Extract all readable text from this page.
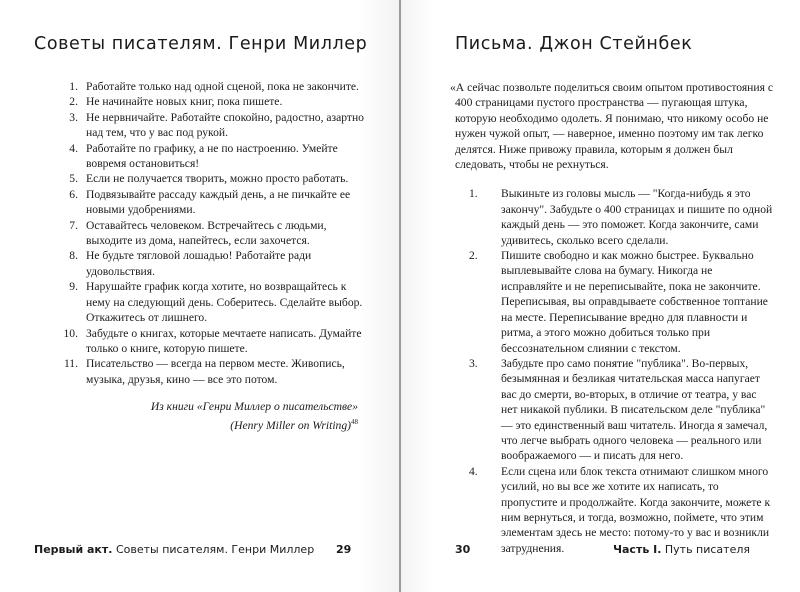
Советы писателям. Генри Миллер
1. Работайте только над одной сценой, пока не закончите.
2. Не начинайте новых книг, пока пишете.
3. Не нервничайте. Работайте спокойно, радостно, азартно над тем, что у вас под рукой.
4. Работайте по графику, а не по настроению. Умейте вовремя остановиться!
5. Если не получается творить, можно просто работать.
6. Подвязывайте рассаду каждый день, а не пичкайте ее новыми удобрениями.
7. Оставайтесь человеком. Встречайтесь с людьми, выходите из дома, напейтесь, если захочется.
8. Не будьте тягловой лошадью! Работайте ради удовольствия.
9. Нарушайте график когда хотите, но возвращайтесь к нему на следующий день. Соберитесь. Сделайте выбор. Откажитесь от лишнего.
10. Забудьте о книгах, которые мечтаете написать. Думайте только о книге, которую пишете.
11. Писательство — всегда на первом месте. Живопись, музыка, друзья, кино — все это потом.
Из книги «Генри Миллер о писательстве»
(Henry Miller on Writing)$^{48}$
Первый акт. Советы писателям. Генри Миллер 29
Письма. Джон Стейнбек

«А сейчас позвольте поделиться своим опытом противостояния с 400 страницами пустого пространства — пугающая штука, которую необходимо одолеть. Я понимаю, что никому особо не нужен чужой опыт, — наверное, именно поэтому им так легко делятся. Ниже привожу правила, которым я должен был следовать, чтобы не рехнуться.

1.	Выкиньте из головы мысль — "Когда-нибудь я это закончу". Забудьте о 400 страницах и пишите по одной каждый день — это поможет. Когда закончите, сами удивитесь, сколько всего сделали.
2.	Пишите свободно и как можно быстрее. Буквально выплевывайте слова на бумагу. Никогда не исправляйте и не переписывайте, пока не закончите. Переписывая, вы оправдываете собственное топтание на месте. Переписывание вредно для плавности и ритма, а этого можно добиться только при бессознательном слиянии с текстом.
3.	Забудьте про само понятие "публика". Во-первых, безымянная и безликая читательская масса напугает вас до смерти, во-вторых, в отличие от театра, у вас нет никакой публики. В писательском деле "публика" — это единственный ваш читатель. Иногда я замечал, что легче выбрать одного человека — реального или воображаемого — и писать для него.
4.	Если сцена или блок текста отнимают слишком много усилий, но вы все же хотите их написать, то пропустите и продолжайте. Когда закончите, можете к ним вернуться, и тогда, возможно, поймете, что этим элементам здесь не место: потому-то у вас и возникли затруднения.
30	Часть I. Путь писателя
